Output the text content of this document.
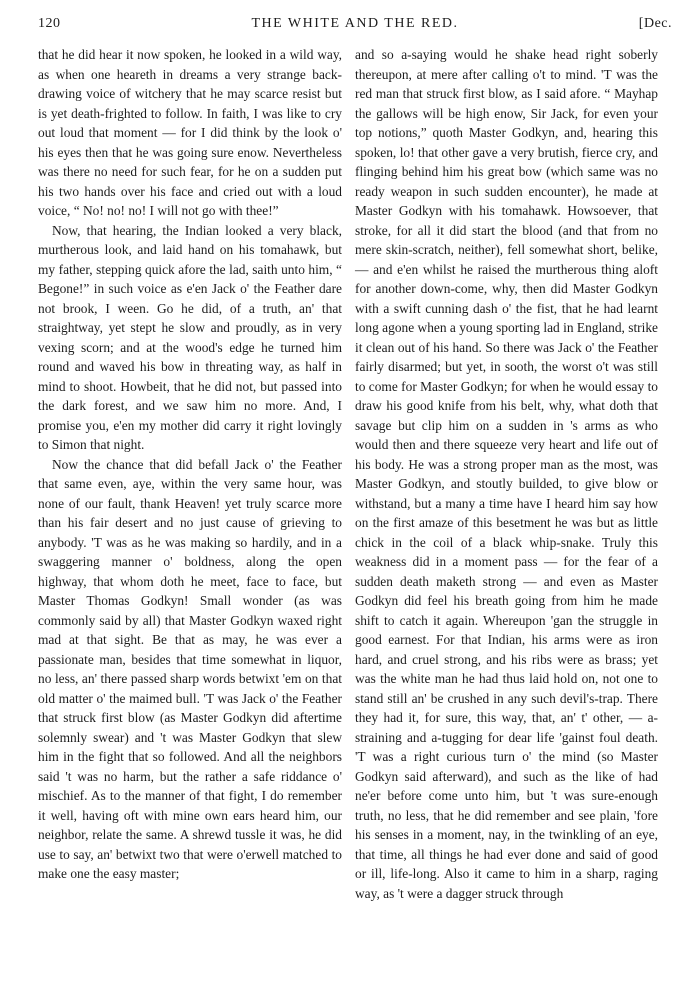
120	THE WHITE AND THE RED.	[Dec.

that he did hear it now spoken, he looked in a wild way, as when one heareth in dreams a very strange back-drawing voice of witchery that he may scarce resist but is yet death-frighted to follow. In faith, I was like to cry out loud that moment — for I did think by the look o' his eyes then that he was going sure enow. Nevertheless was there no need for such fear, for he on a sudden put his two hands over his face and cried out with a loud voice, “ No! no! no! I will not go with thee!”

Now, that hearing, the Indian looked a very black, murtherous look, and laid hand on his tomahawk, but my father, stepping quick afore the lad, saith unto him, “ Begone!” in such voice as e'en Jack o' the Feather dare not brook, I ween. Go he did, of a truth, an' that straightway, yet stept he slow and proudly, as in very vexing scorn; and at the wood's edge he turned him round and waved his bow in threating way, as half in mind to shoot. Howbeit, that he did not, but passed into the dark forest, and we saw him no more. And, I promise you, e'en my mother did carry it right lovingly to Simon that night.

Now the chance that did befall Jack o' the Feather that same even, aye, within the very same hour, was none of our fault, thank Heaven! yet truly scarce more than his fair desert and no just cause of grieving to anybody. 'T was as he was making so hardily, and in a swaggering manner o' boldness, along the open highway, that whom doth he meet, face to face, but Master Thomas Godkyn! Small wonder (as was commonly said by all) that Master Godkyn waxed right mad at that sight. Be that as may, he was ever a passionate man, besides that time somewhat in liquor, no less, an' there passed sharp words betwixt 'em on that old matter o' the maimed bull. 'T was Jack o' the Feather that struck first blow (as Master Godkyn did aftertime solemnly swear) and 't was Master Godkyn that slew him in the fight that so followed. And all the neighbors said 't was no harm, but the rather a safe riddance o' mischief. As to the manner of that fight, I do remember it well, having oft with mine own ears heard him, our neighbor, relate the same. A shrewd tussle it was, he did use to say, an' betwixt two that were o'erwell matched to make one the easy master;

and so a-saying would he shake head right soberly thereupon, at mere after calling o't to mind. 'T was the red man that struck first blow, as I said afore. “ Mayhap the gallows will be high enow, Sir Jack, for even your top notions,” quoth Master Godkyn, and, hearing this spoken, lo! that other gave a very brutish, fierce cry, and flinging behind him his great bow (which same was no ready weapon in such sudden encounter), he made at Master Godkyn with his tomahawk. Howsoever, that stroke, for all it did start the blood (and that from no mere skin-scratch, neither), fell somewhat short, belike, — and e'en whilst he raised the murtherous thing aloft for another down-come, why, then did Master Godkyn with a swift cunning dash o' the fist, that he had learnt long agone when a young sporting lad in England, strike it clean out of his hand. So there was Jack o' the Feather fairly disarmed; but yet, in sooth, the worst o't was still to come for Master Godkyn; for when he would essay to draw his good knife from his belt, why, what doth that savage but clip him on a sudden in 's arms as who would then and there squeeze very heart and life out of his body. He was a strong proper man as the most, was Master Godkyn, and stoutly builded, to give blow or withstand, but a many a time have I heard him say how on the first amaze of this besetment he was but as little chick in the coil of a black whip-snake. Truly this weakness did in a moment pass — for the fear of a sudden death maketh strong — and even as Master Godkyn did feel his breath going from him he made shift to catch it again. Whereupon 'gan the struggle in good earnest. For that Indian, his arms were as iron hard, and cruel strong, and his ribs were as brass; yet was the white man he had thus laid hold on, not one to stand still an' be crushed in any such devil's-trap. There they had it, for sure, this way, that, an' t' other, — a-straining and a-tugging for dear life 'gainst foul death. 'T was a right curious turn o' the mind (so Master Godkyn said afterward), and such as the like of had ne'er before come unto him, but 't was sure-enough truth, no less, that he did remember and see plain, 'fore his senses in a moment, nay, in the twinkling of an eye, that time, all things he had ever done and said of good or ill, life-long. Also it came to him in a sharp, raging way, as 't were a dagger struck through
